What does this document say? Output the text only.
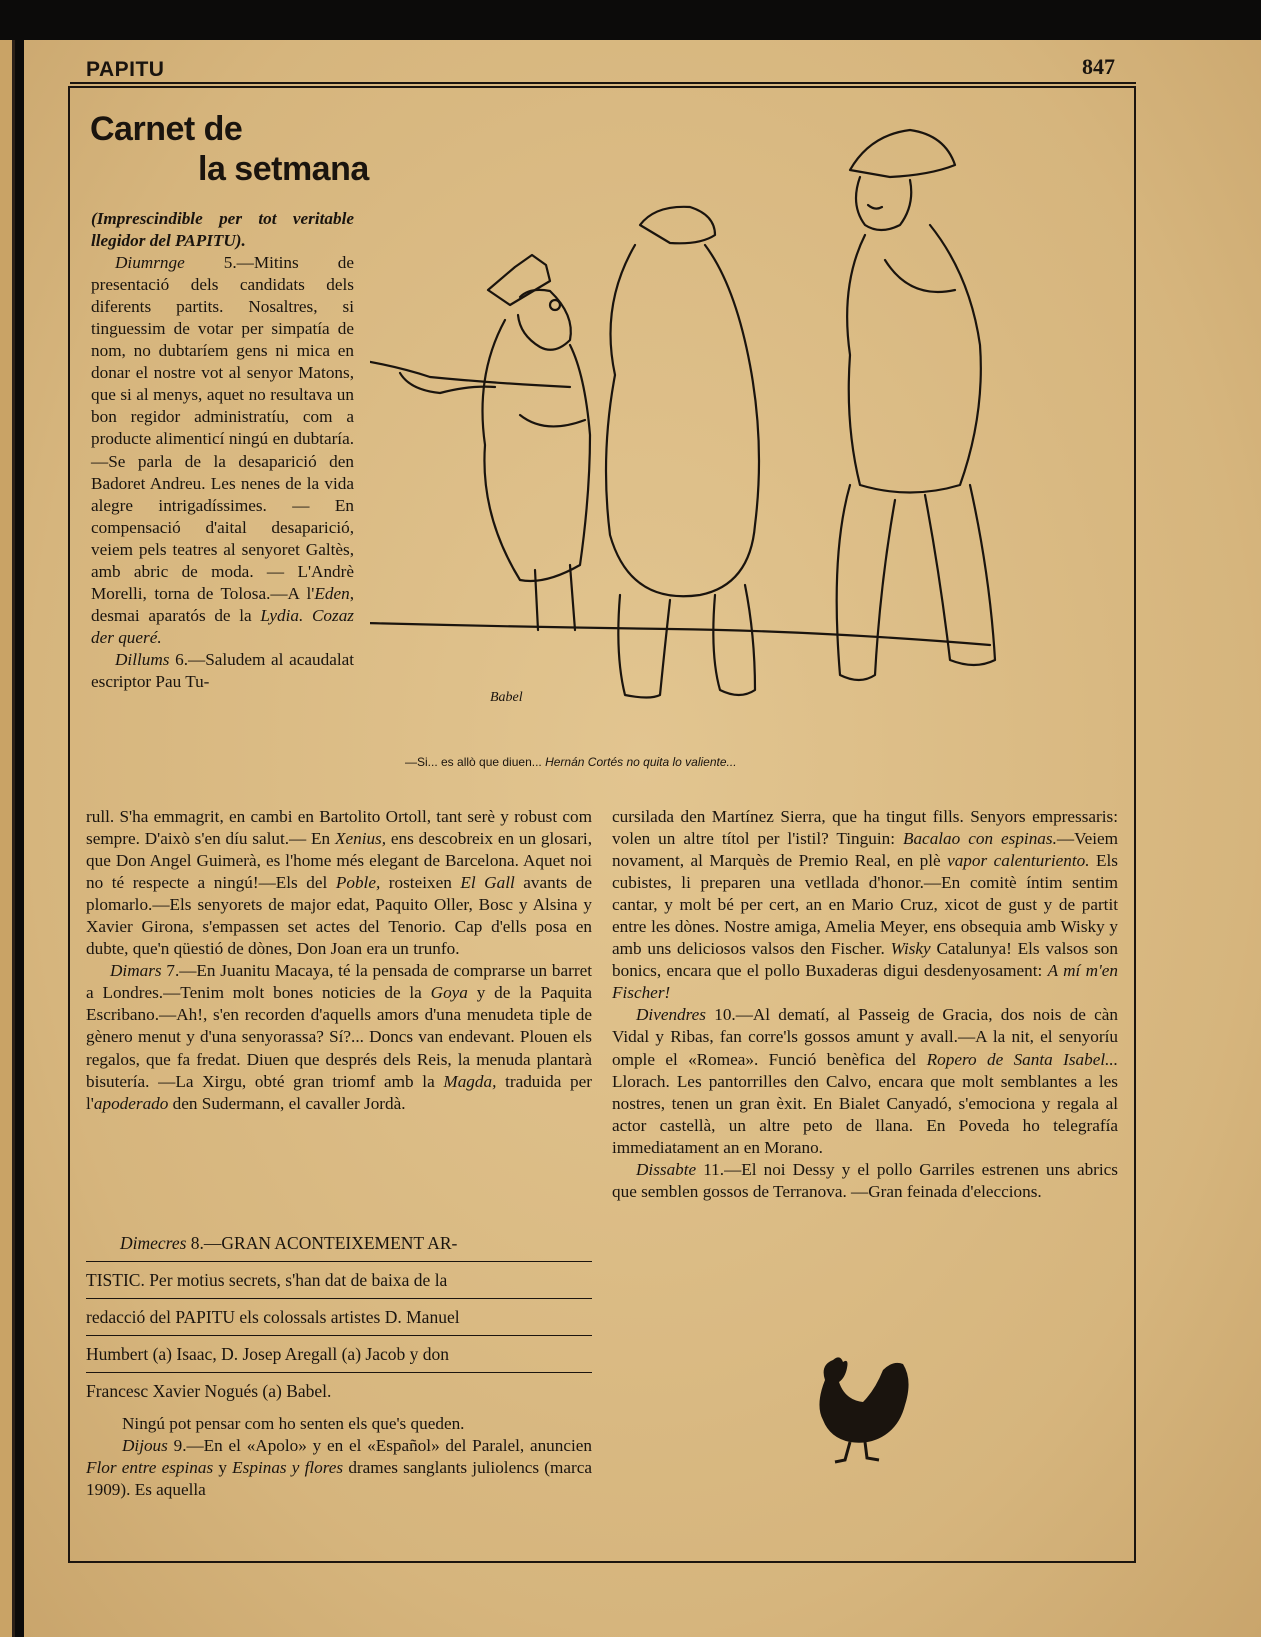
PAPITU	847
Carnet de
la setmana

(Imprescindible per tot veritable llegidor del PAPITU).

Diumrnge 5.—Mitins de presentació dels candidats dels diferents partits. Nosaltres, si tinguessim de votar per simpatía de nom, no dubtaríem gens ni mica en donar el nostre vot al senyor Matons, que si al menys, aquet no resultava un bon regidor administratíu, com a producte alimenticí ningú en dubtaría.—Se parla de la desaparició den Badoret Andreu. Les nenes de la vida alegre intrigadíssimes. — En compensació d'aital desaparició, veiem pels teatres al senyoret Galtès, amb abric de moda. — L'Andrè Morelli, torna de Tolosa.—A l'Eden, desmai aparatós de la Lydia. Cozaz der queré.

Dillums 6.—Saludem al acaudalat escriptor Pau Tu-

Babel
—Si... es allò que diuen... Hernán Cortés no quita lo valiente...

rull. S'ha emmagrit, en cambi en Bartolito Ortoll, tant serè y robust com sempre. D'això s'en díu salut.— En Xenius, ens descobreix en un glosari, que Don Angel Guimerà, es l'home més elegant de Barcelona. Aquet noi no té respecte a ningú!—Els del Poble, rosteixen El Gall avants de plomarlo.—Els senyorets de major edat, Paquito Oller, Bosc y Alsina y Xavier Girona, s'empassen set actes del Tenorio. Cap d'ells posa en dubte, que'n qüestió de dònes, Don Joan era un trunfo.

Dimars 7.—En Juanitu Macaya, té la pensada de comprarse un barret a Londres.—Tenim molt bones noticies de la Goya y de la Paquita Escribano.—Ah!, s'en recorden d'aquells amors d'una menudeta tiple de gènero menut y d'una senyorassa? Sí?... Doncs van endevant. Plouen els regalos, que fa fredat. Diuen que després dels Reis, la menuda plantarà bisutería. —La Xirgu, obté gran triomf amb la Magda, traduida per l'apoderado den Sudermann, el cavaller Jordà.

Dimecres 8.—GRAN ACONTEIXEMENT AR-
TISTIC. Per motius secrets, s'han dat de baixa de la
redacció del PAPITU els colossals artistes D. Manuel
Humbert (a) Isaac, D. Josep Aregall (a) Jacob y don
Francesc Xavier Nogués (a) Babel.
Ningú pot pensar com ho senten els que's queden.
Dijous 9.—En el «Apolo» y en el «Español» del Paralel, anuncien Flor entre espinas y Espinas y flores drames sanglants juliolencs (marca 1909). Es aquella

cursilada den Martínez Sierra, que ha tingut fills. Senyors empressaris: volen un altre títol per l'istil? Tinguin: Bacalao con espinas.—Veiem novament, al Marquès de Premio Real, en plè vapor calenturiento. Els cubistes, li preparen una vetllada d'honor.—En comitè íntim sentim cantar, y molt bé per cert, an en Mario Cruz, xicot de gust y de partit entre les dònes. Nostre amiga, Amelia Meyer, ens obsequia amb Wisky y amb uns deliciosos valsos den Fischer. Wisky Catalunya! Els valsos son bonics, encara que el pollo Buxaderas digui desdenyosament: A mí m'en Fischer!

Divendres 10.—Al dematí, al Passeig de Gracia, dos nois de càn Vidal y Ribas, fan corre'ls gossos amunt y avall.—A la nit, el senyoríu omple el «Romea». Funció benèfica del Ropero de Santa Isabel... Llorach. Les pantorrilles den Calvo, encara que molt semblantes a les nostres, tenen un gran èxit. En Bialet Canyadó, s'emociona y regala al actor castellà, un altre peto de llana. En Poveda ho telegrafía immediatament an en Morano.

Dissabte 11.—El noi Dessy y el pollo Garriles estrenen uns abrics que semblen gossos de Terranova. —Gran feinada d'eleccions.
